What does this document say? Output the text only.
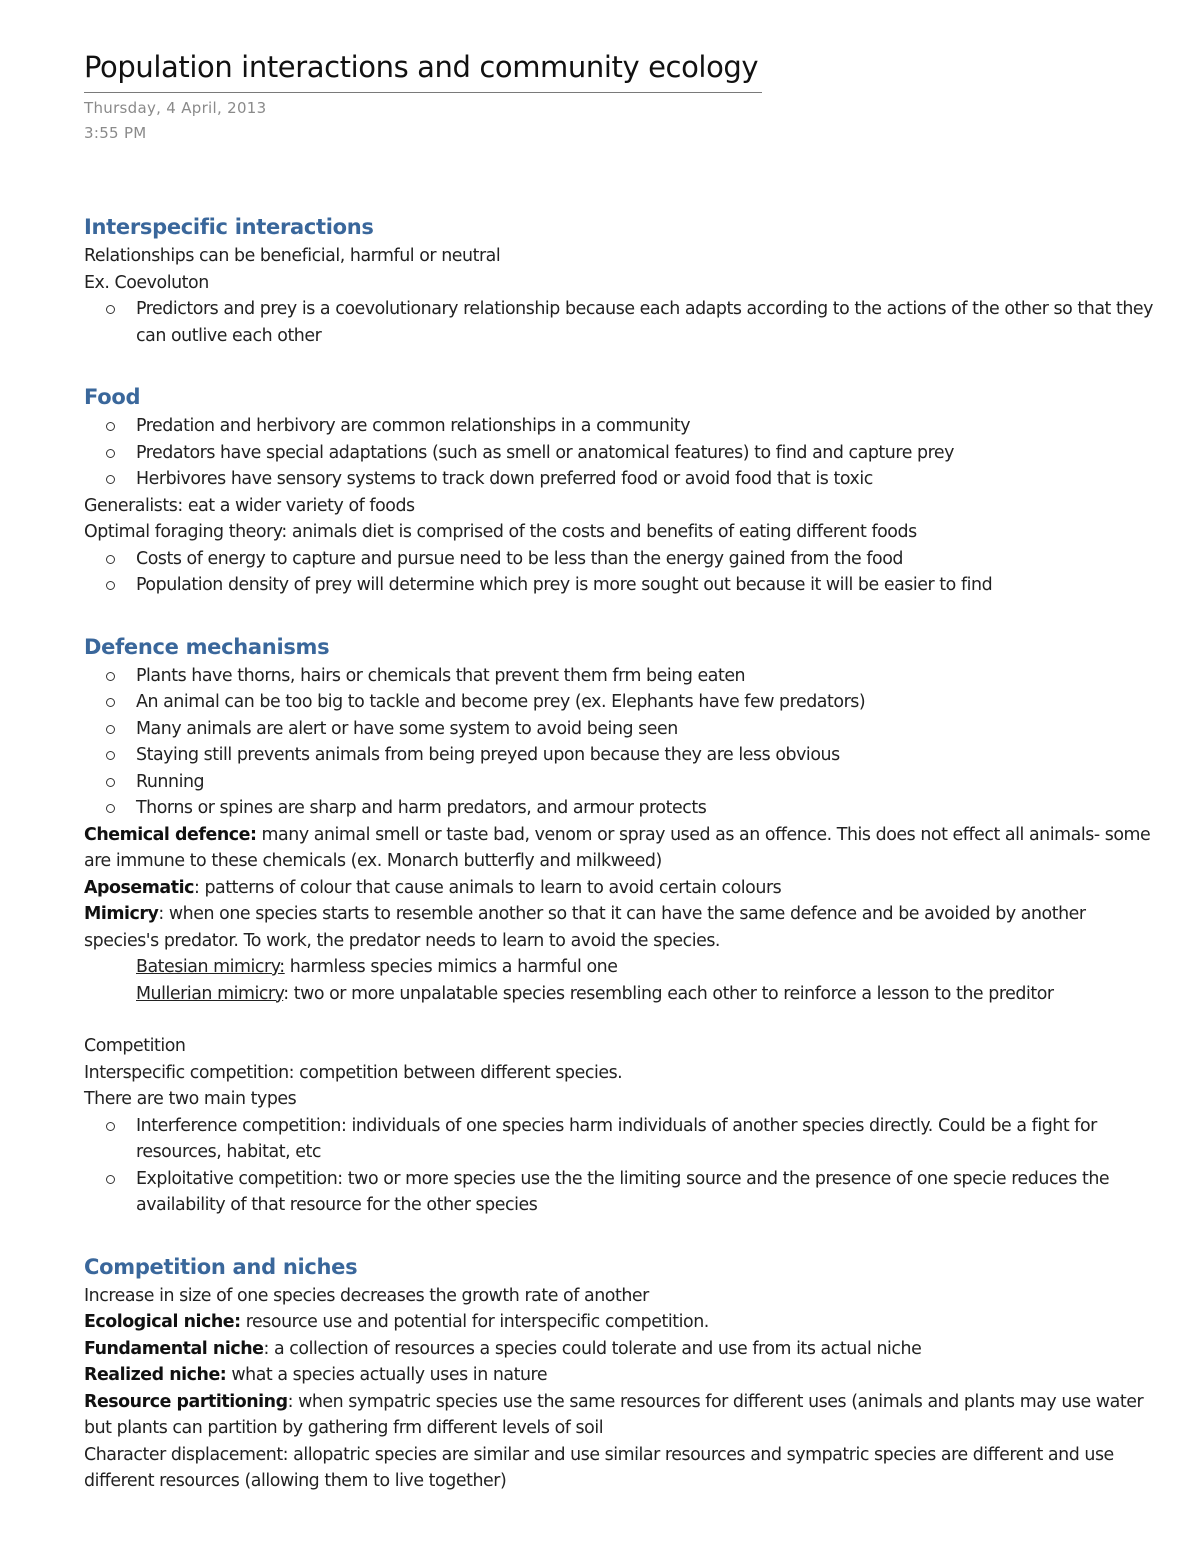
Population interactions and community ecology
Thursday, 4 April, 2013
3:55 PM
Interspecific interactions
Relationships can be beneficial, harmful or neutral
Ex. Coevoluton
Predictors and prey is a coevolutionary relationship because each adapts according to the actions of the other so that they can outlive each other
Food
Predation and herbivory are common relationships in a community
Predators have special adaptations (such as smell or anatomical features) to find and capture prey
Herbivores have sensory systems to track down preferred food or avoid food that is toxic
Generalists: eat a wider variety of foods
Optimal foraging theory: animals diet is comprised of the costs and benefits of eating different foods
Costs of energy to capture and pursue need to be less than the energy gained from the food
Population density of prey will determine which prey is more sought out because it will be easier to find
Defence mechanisms
Plants have thorns, hairs or chemicals that prevent them frm being eaten
An animal can be too big to tackle and become prey (ex. Elephants have few predators)
Many animals are alert or have some system to avoid being seen
Staying still prevents animals from being preyed upon because they are less obvious
Running
Thorns or spines are sharp and harm predators, and armour protects
Chemical defence: many animal smell or taste bad, venom or spray used as an offence. This does not effect all animals- some are immune to these chemicals (ex. Monarch butterfly and milkweed)
Aposematic: patterns of colour that cause animals to learn to avoid certain colours
Mimicry: when one species starts to resemble another so that it can have the same defence and be avoided by another species's predator. To work, the predator needs to learn to avoid the species.
Batesian mimicry: harmless species mimics a harmful one
Mullerian mimicry: two or more unpalatable species resembling each other to reinforce a lesson to the preditor
Competition
Interspecific competition: competition between different species.
There are two main types
Interference competition: individuals of one species harm individuals of another species directly. Could be a fight for resources, habitat, etc
Exploitative competition: two or more species use the the limiting source and the presence of one specie reduces the availability of that resource for the other species
Competition and niches
Increase in size of one species decreases the growth rate of another
Ecological niche: resource use and potential for interspecific competition.
Fundamental niche: a collection of resources a species could tolerate and use from its actual niche
Realized niche: what a species actually uses in nature
Resource partitioning: when sympatric species use the same resources for different uses (animals and plants may use water but plants can partition by gathering frm different levels of soil
Character displacement: allopatric species are similar and use similar resources and sympatric species are different and use different resources (allowing them to live together)
